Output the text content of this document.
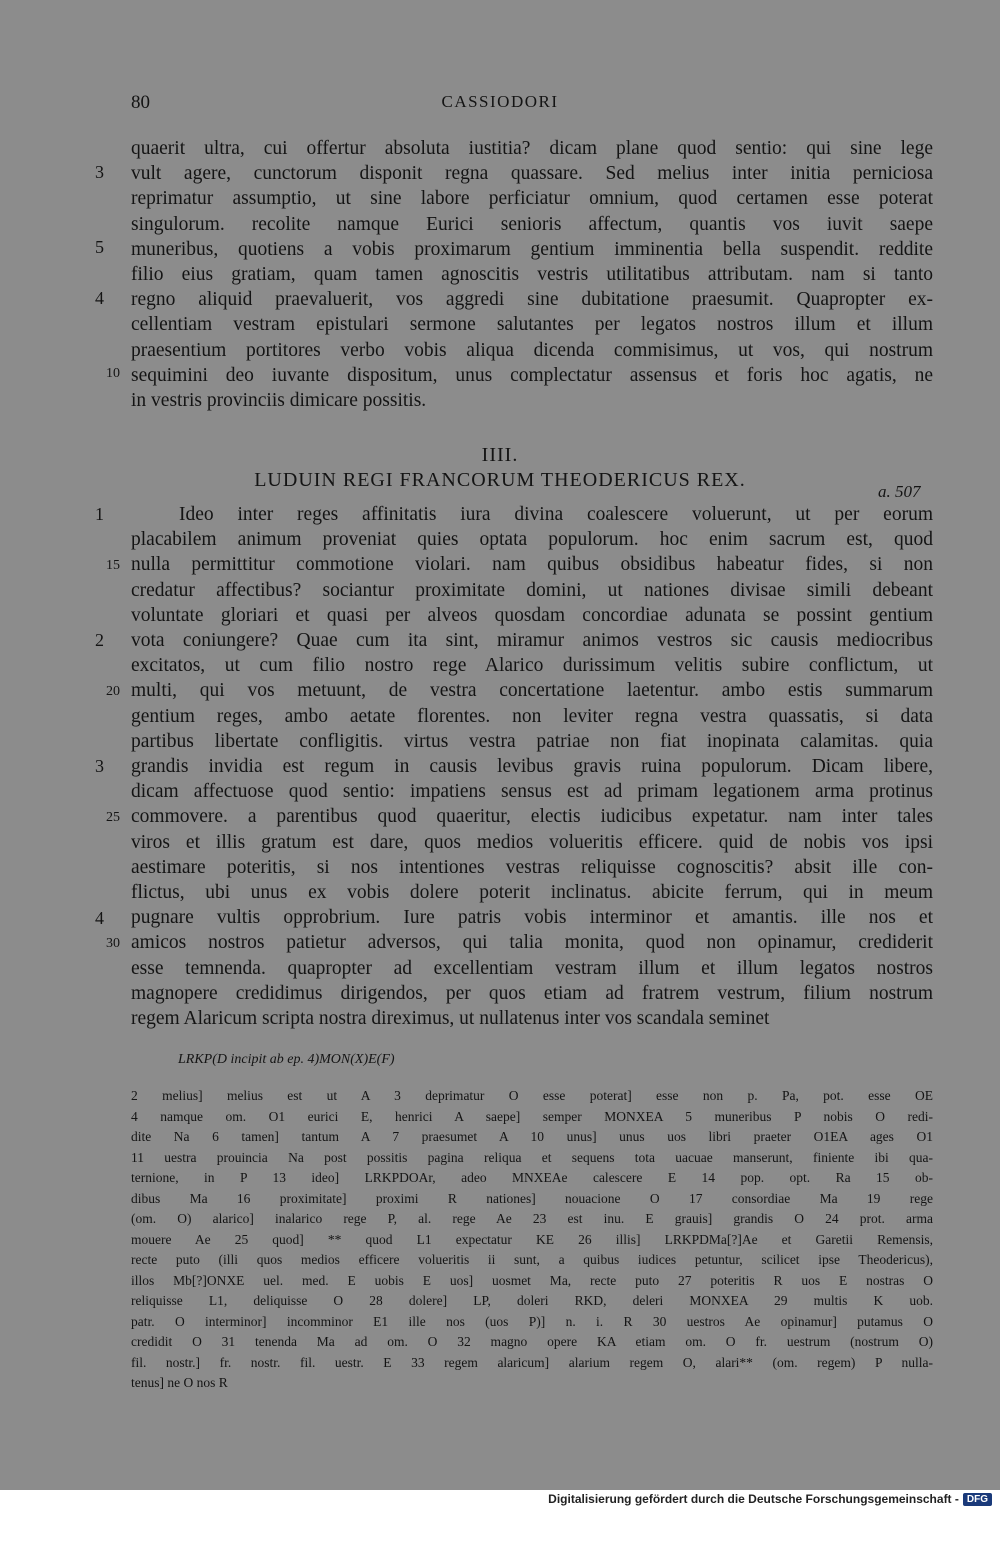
80	CASSIODORI
quaerit ultra, cui offertur absoluta iustitia? dicam plane quod sentio: qui sine lege
vult agere, cunctorum disponit regna quassare. Sed melius inter initia perniciosa
reprimatur assumptio, ut sine labore perficiatur omnium, quod certamen esse poterat
singulorum. recolite namque Eurici senioris affectum, quantis vos iuvit saepe
muneribus, quotiens a vobis proximarum gentium imminentia bella suspendit. reddite
filio eius gratiam, quam tamen agnoscitis vestris utilitatibus attributam. nam si tanto
regno aliquid praevaluerit, vos aggredi sine dubitatione praesumit. Quapropter ex-
cellentiam vestram epistulari sermone salutantes per legatos nostros illum et illum
praesentium portitores verbo vobis aliqua dicenda commisimus, ut vos, qui nostrum
sequimini deo iuvante dispositum, unus complectatur assensus et foris hoc agatis, ne
in vestris provinciis dimicare possitis.
3
5
4
10
IIII.
LUDUIN REGI FRANCORUM THEODERICUS REX.
a. 507
Ideo inter reges affinitatis iura divina coalescere voluerunt, ut per eorum
placabilem animum proveniat quies optata populorum. hoc enim sacrum est, quod
nulla permittitur commotione violari. nam quibus obsidibus habeatur fides, si non
credatur affectibus? sociantur proximitate domini, ut nationes divisae simili debeant
voluntate gloriari et quasi per alveos quosdam concordiae adunata se possint gentium
vota coniungere? Quae cum ita sint, miramur animos vestros sic causis mediocribus
excitatos, ut cum filio nostro rege Alarico durissimum velitis subire conflictum, ut
multi, qui vos metuunt, de vestra concertatione laetentur. ambo estis summarum
gentium reges, ambo aetate florentes. non leviter regna vestra quassatis, si data
partibus libertate confligitis. virtus vestra patriae non fiat inopinata calamitas. quia
grandis invidia est regum in causis levibus gravis ruina populorum. Dicam libere,
dicam affectuose quod sentio: impatiens sensus est ad primam legationem arma protinus
commovere. a parentibus quod quaeritur, electis iudicibus expetatur. nam inter tales
viros et illis gratum est dare, quos medios volueritis efficere. quid de nobis vos ipsi
aestimare poteritis, si nos intentiones vestras reliquisse cognoscitis? absit ille con-
flictus, ubi unus ex vobis dolere poterit inclinatus. abicite ferrum, qui in meum
pugnare vultis opprobrium. Iure patris vobis interminor et amantis. ille nos et
amicos nostros patietur adversos, qui talia monita, quod non opinamur, crediderit
esse temnenda. quapropter ad excellentiam vestram illum et illum legatos nostros
magnopere credidimus dirigendos, per quos etiam ad fratrem vestrum, filium nostrum
regem Alaricum scripta nostra direximus, ut nullatenus inter vos scandala seminet
1
15
2
20
3
25
4
30
LRKP(D incipit ab ep. 4)MON(X)E(F)
2 melius] melius est ut A 3 deprimatur O esse poterat] esse non p. Pa, pot. esse OE
4 namque om. O1 eurici E, henrici A saepe] semper MONXEA 5 muneribus P nobis O redi-
dite Na 6 tamen] tantum A 7 praesumet A 10 unus] unus uos libri praeter O1EA ages O1
11 uestra prouincia Na post possitis pagina reliqua et sequens tota uacuae manserunt, finiente ibi qua-
ternione, in P 13 ideo] LRKPDOAr, adeo MNXEAe calescere E 14 pop. opt. Ra 15 ob-
dibus Ma 16 proximitate] proximi R nationes] nouacione O 17 consordiae Ma 19 rege
(om. O) alarico] inalarico rege P, al. rege Ae 23 est inu. E grauis] grandis O 24 prot. arma
mouere Ae 25 quod] ** quod L1 expectatur KE 26 illis] LRKPDMa[?]Ae et Garetii Remensis,
recte puto (illi quos medios efficere volueritis ii sunt, a quibus iudices petuntur, scilicet ipse Theodericus),
illos Mb[?]ONXE uel. med. E uobis E uos] uosmet Ma, recte puto 27 poteritis R uos E nostras O
reliquisse L1, deliquisse O 28 dolere] LP, doleri RKD, deleri MONXEA 29 multis K uob.
patr. O interminor] incomminor E1 ille nos (uos P)] n. i. R 30 uestros Ae opinamur] putamus O
credidit O 31 tenenda Ma ad om. O 32 magno opere KA etiam om. O fr. uestrum (nostrum O)
fil. nostr.] fr. nostr. fil. uestr. E 33 regem alaricum] alarium regem O, alari** (om. regem) P nulla-
tenus] ne O nos R
Digitalisierung gefördert durch die Deutsche Forschungsgemeinschaft - DFG
